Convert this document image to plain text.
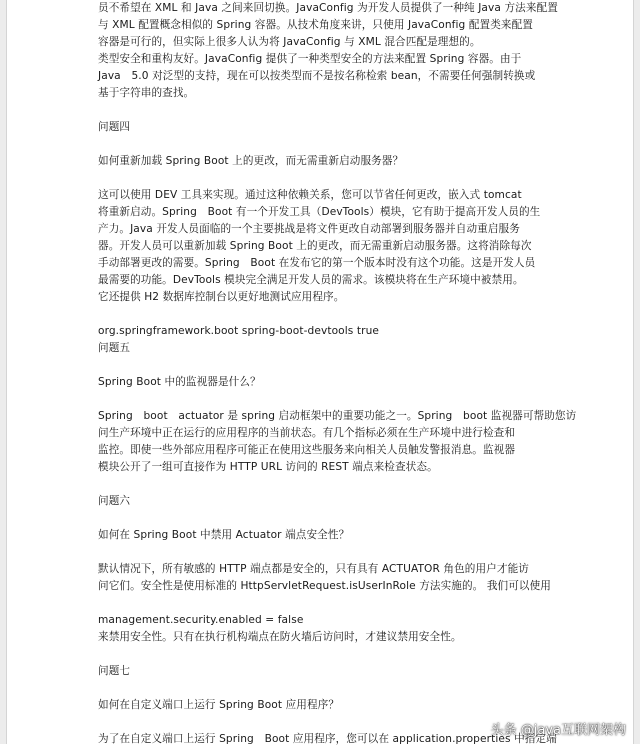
员不希望在 XML 和 Java 之间来回切换。JavaConfig 为开发人员提供了一种纯 Java 方法来配置
与 XML 配置概念相似的 Spring 容器。从技术角度来讲，只使用 JavaConfig 配置类来配置
容器是可行的，但实际上很多人认为将 JavaConfig 与 XML 混合匹配是理想的。
类型安全和重构友好。JavaConfig 提供了一种类型安全的方法来配置 Spring 容器。由于
Java　5.0 对泛型的支持，现在可以按类型而不是按名称检索 bean，不需要任何强制转换或
基于字符串的查找。
问题四
如何重新加载 Spring Boot 上的更改，而无需重新启动服务器？
这可以使用 DEV 工具来实现。通过这种依赖关系，您可以节省任何更改，嵌入式 tomcat
将重新启动。Spring　Boot 有一个开发工具（DevTools）模块，它有助于提高开发人员的生
产力。Java 开发人员面临的一个主要挑战是将文件更改自动部署到服务器并自动重启服务
器。开发人员可以重新加载 Spring Boot 上的更改，而无需重新启动服务器。这将消除每次
手动部署更改的需要。Spring　Boot 在发布它的第一个版本时没有这个功能。这是开发人员
最需要的功能。DevTools 模块完全满足开发人员的需求。该模块将在生产环境中被禁用。
它还提供 H2 数据库控制台以更好地测试应用程序。
org.springframework.boot spring-boot-devtools true
问题五
Spring Boot 中的监视器是什么？
Spring　boot　actuator 是 spring 启动框架中的重要功能之一。Spring　boot 监视器可帮助您访
问生产环境中正在运行的应用程序的当前状态。有几个指标必须在生产环境中进行检查和
监控。即使一些外部应用程序可能正在使用这些服务来向相关人员触发警报消息。监视器
模块公开了一组可直接作为 HTTP URL 访问的 REST 端点来检查状态。
问题六
如何在 Spring Boot 中禁用 Actuator 端点安全性？
默认情况下，所有敏感的 HTTP 端点都是安全的，只有具有 ACTUATOR 角色的用户才能访
问它们。安全性是使用标准的 HttpServletRequest.isUserInRole 方法实施的。 我们可以使用
management.security.enabled = false
来禁用安全性。只有在执行机构端点在防火墙后访问时，才建议禁用安全性。
问题七
如何在自定义端口上运行 Spring Boot 应用程序？
为了在自定义端口上运行 Spring　Boot 应用程序，您可以在 application.properties 中指定端
头条 @java互联网架构
